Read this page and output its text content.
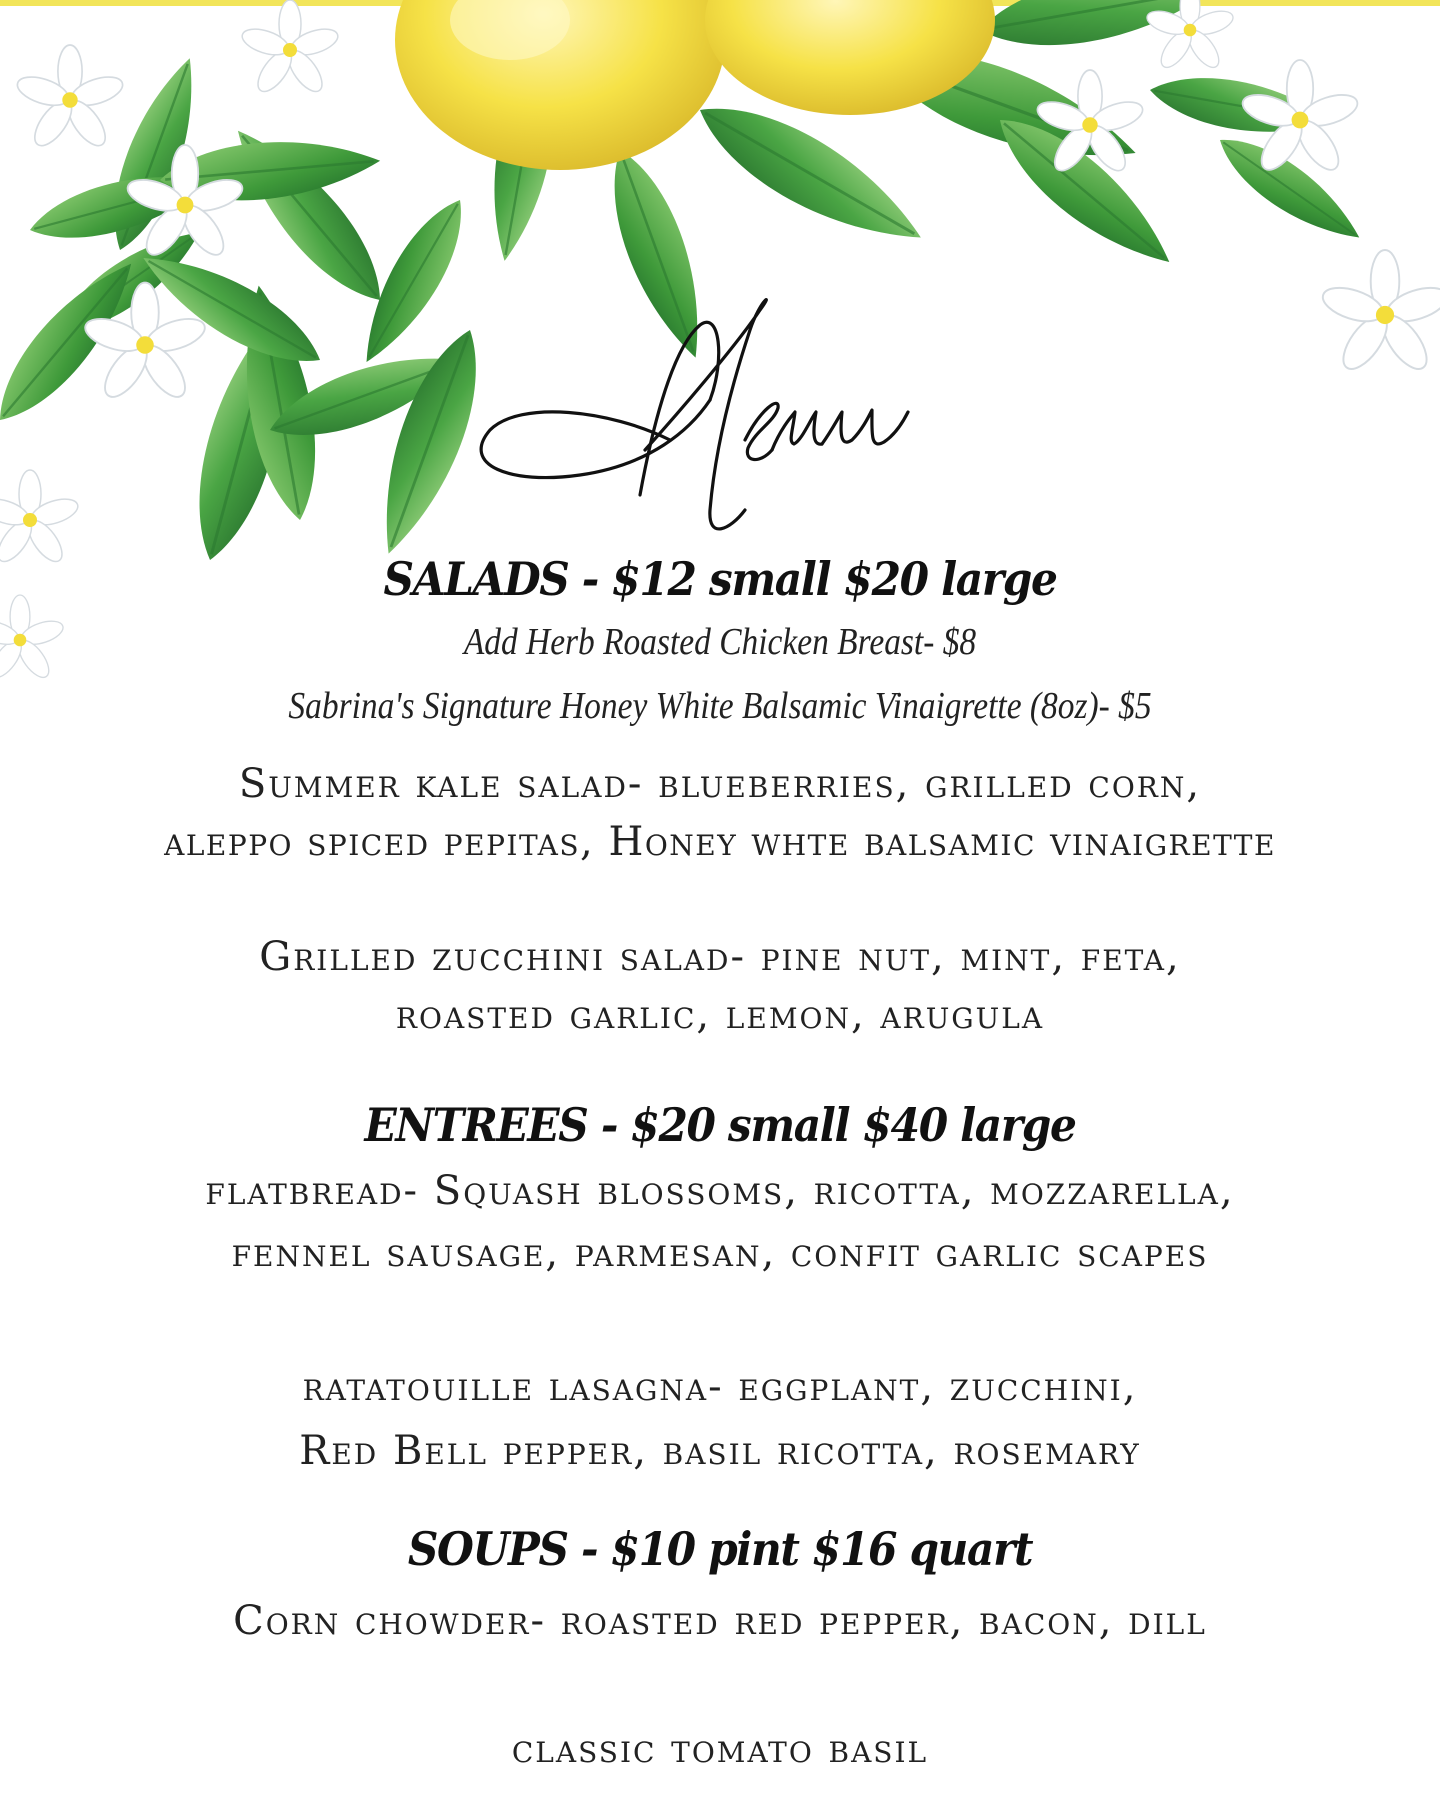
SALADS - $12 small $20 large
Add Herb Roasted Chicken Breast- $8
Sabrina's Signature Honey White Balsamic Vinaigrette (8oz)- $5
Summer kale salad- blueberries, grilled corn,
aleppo spiced pepitas, Honey whte balsamic vinaigrette
Grilled zucchini salad- pine nut, mint, feta,
roasted garlic, lemon, arugula
ENTREES - $20 small $40 large
flatbread- Squash blossoms, ricotta, mozzarella,
fennel sausage, parmesan, confit garlic scapes
ratatouille lasagna- eggplant, zucchini,
Red Bell pepper, basil ricotta, rosemary
SOUPS - $10 pint $16 quart
Corn chowder- roasted red pepper, bacon, dill
classic tomato basil
